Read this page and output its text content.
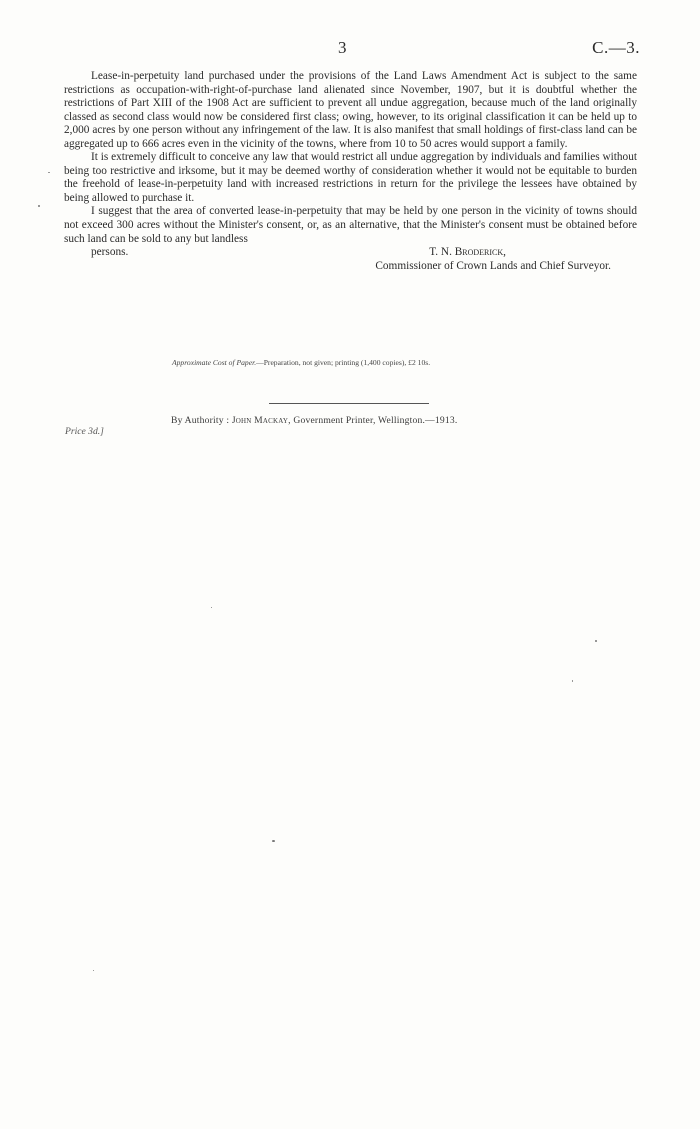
3	C.—3.

Lease-in-perpetuity land purchased under the provisions of the Land Laws Amendment Act is subject to the same restrictions as occupation-with-right-of-purchase land alienated since November, 1907, but it is doubtful whether the restrictions of Part XIII of the 1908 Act are sufficient to prevent all undue aggregation, because much of the land originally classed as second class would now be considered first class; owing, however, to its original classification it can be held up to 2,000 acres by one person without any infringement of the law. It is also manifest that small holdings of first-class land can be aggregated up to 666 acres even in the vicinity of the towns, where from 10 to 50 acres would support a family.

It is extremely difficult to conceive any law that would restrict all undue aggregation by individuals and families without being too restrictive and irksome, but it may be deemed worthy of consideration whether it would not be equitable to burden the freehold of lease-in-perpetuity land with increased restrictions in return for the privilege the lessees have obtained by being allowed to purchase it.

I suggest that the area of converted lease-in-perpetuity that may be held by one person in the vicinity of towns should not exceed 300 acres without the Minister's consent, or, as an alternative, that the Minister's consent must be obtained before such land can be sold to any but landless

persons.	T. N. Broderick,

Commissioner of Crown Lands and Chief Surveyor.

Approximate Cost of Paper.—Preparation, not given; printing (1,400 copies), £2 10s.
By Authority : John Mackay, Government Printer, Wellington.—1913.
Price 3d.]
